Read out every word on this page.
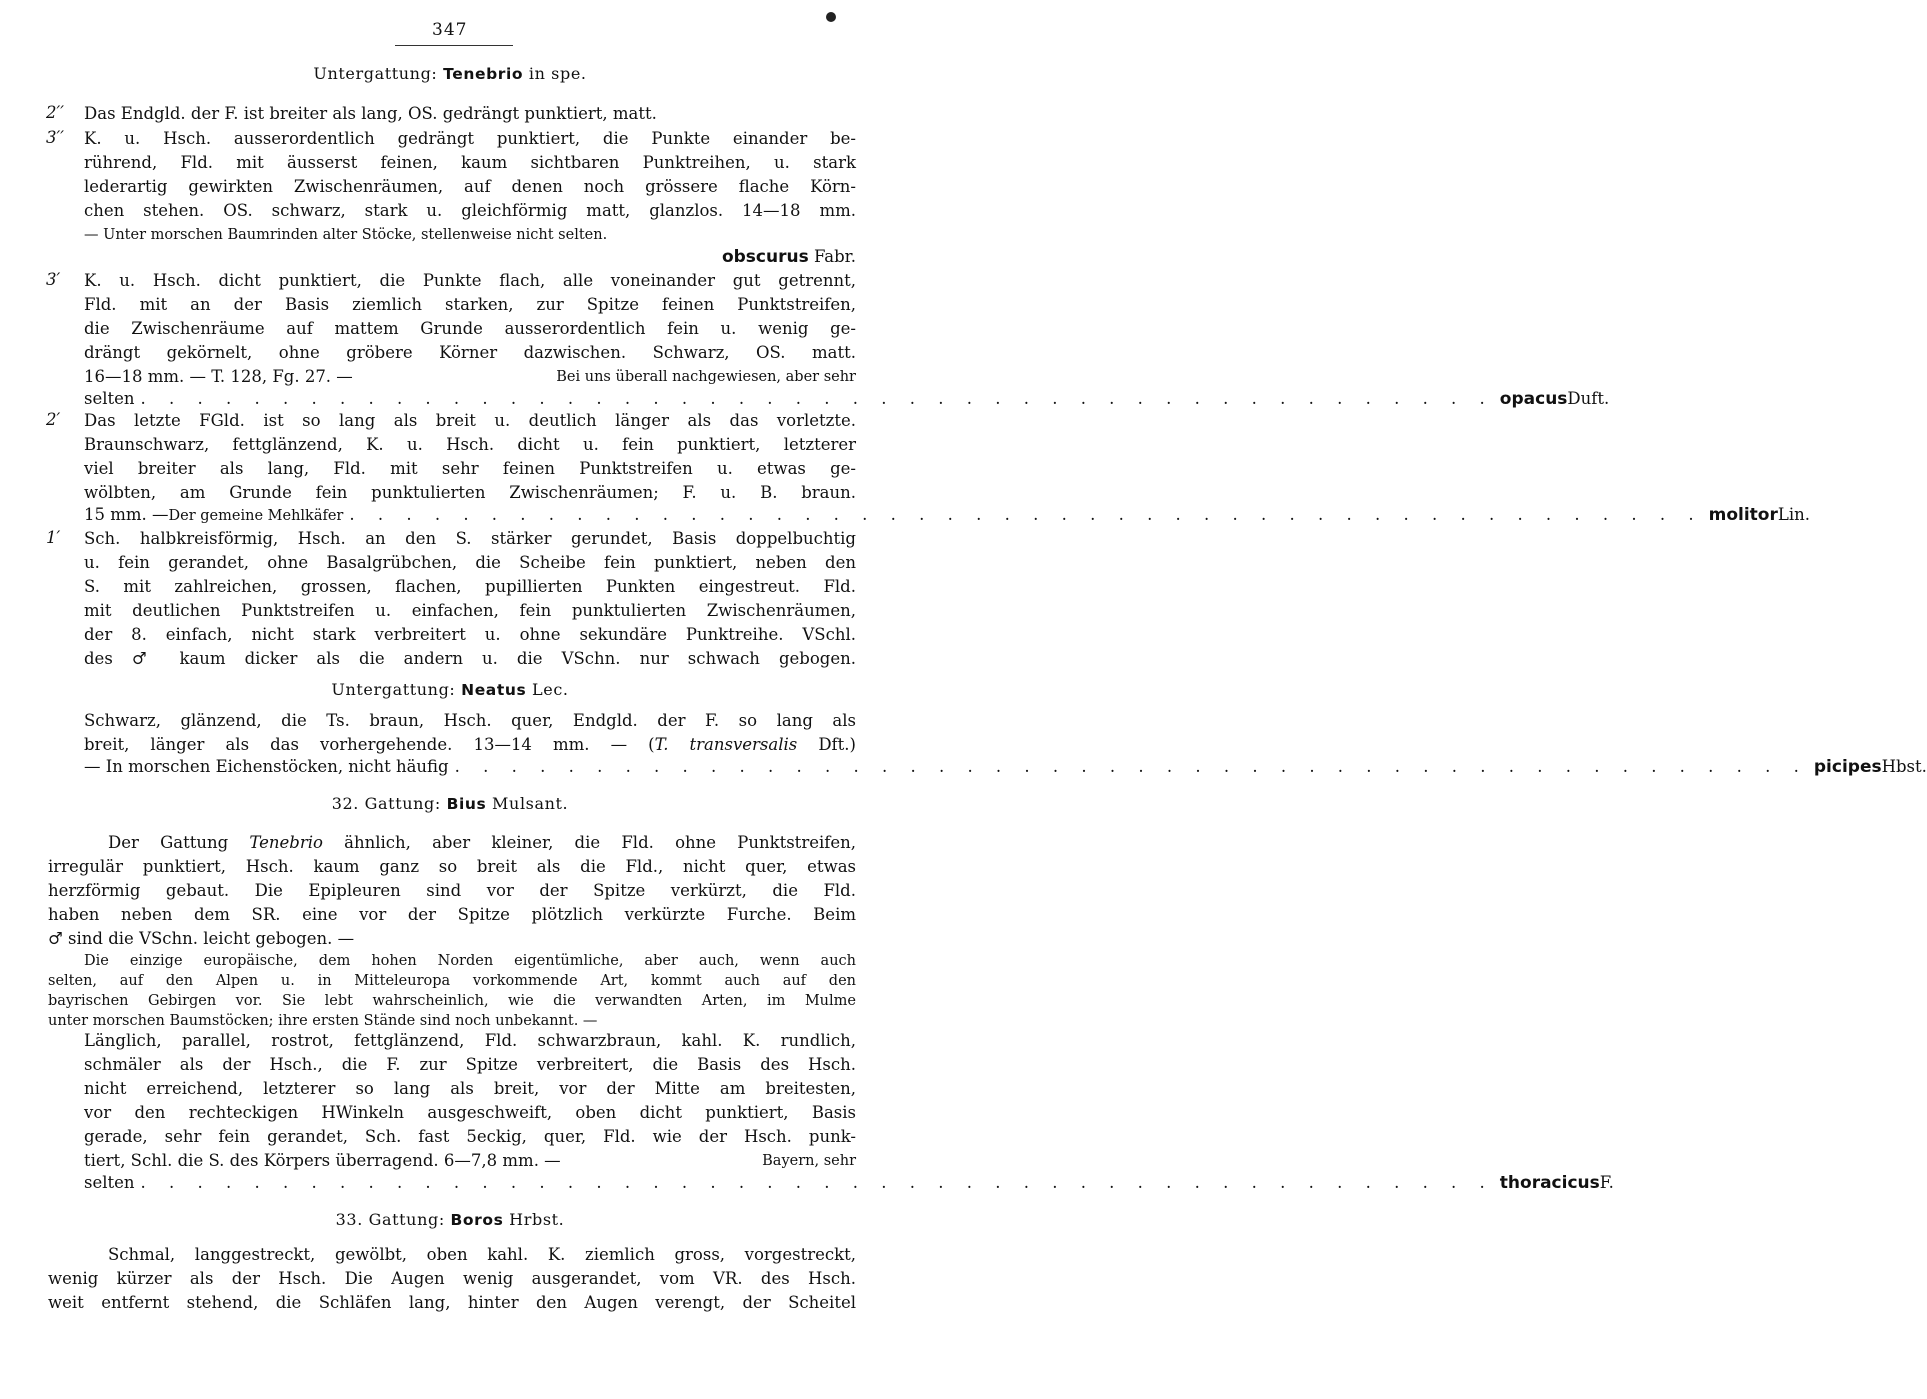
347
Untergattung: Tenebrio in spe.
2′′ Das Endgld. der F. ist breiter als lang, OS. gedrängt punktiert, matt.
3′′ K. u. Hsch. ausserordentlich gedrängt punktiert, die Punkte einander be-
rührend, Fld. mit äusserst feinen, kaum sichtbaren Punktreihen, u. stark
lederartig gewirkten Zwischenräumen, auf denen noch grössere flache Körn-
chen stehen. OS. schwarz, stark u. gleichförmig matt, glanzlos. 14—18 mm.
— Unter morschen Baumrinden alter Stöcke, stellenweise nicht selten.
obscurus Fabr.
3′ K. u. Hsch. dicht punktiert, die Punkte flach, alle voneinander gut getrennt,
Fld. mit an der Basis ziemlich starken, zur Spitze feinen Punktstreifen,
die Zwischenräume auf mattem Grunde ausserordentlich fein u. wenig ge-
drängt gekörnelt, ohne gröbere Körner dazwischen. Schwarz, OS. matt.
16—18 mm. — T. 128, Fg. 27. —	Bei uns überall nachgewiesen, aber sehr
selten . . . . . . . . . . . . . . . . . . . . . . . . . . . . . . . . . . . . . . . . . . . . . . . . opacus Duft.
2′ Das letzte FGld. ist so lang als breit u. deutlich länger als das vorletzte.
Braunschwarz, fettglänzend, K. u. Hsch. dicht u. fein punktiert, letzterer
viel breiter als lang, Fld. mit sehr feinen Punktstreifen u. etwas ge-
wölbten, am Grunde fein punktulierten Zwischenräumen; F. u. B. braun.
15 mm. — Der gemeine Mehlkäfer . . . . . . . . . . . . . . . . . . . . . . . . . . . . . . . . . . . . . . . . . . . . . . . . molitor Lin.
1′ Sch. halbkreisförmig, Hsch. an den S. stärker gerundet, Basis doppelbuchtig
u. fein gerandet, ohne Basalgrübchen, die Scheibe fein punktiert, neben den
S. mit zahlreichen, grossen, flachen, pupillierten Punkten eingestreut. Fld.
mit deutlichen Punktstreifen u. einfachen, fein punktulierten Zwischenräumen,
der 8. einfach, nicht stark verbreitert u. ohne sekundäre Punktreihe. VSchl.
des ♂ kaum dicker als die andern u. die VSchn. nur schwach gebogen.
Untergattung: Neatus Lec.
Schwarz, glänzend, die Ts. braun, Hsch. quer, Endgld. der F. so lang als
breit, länger als das vorhergehende. 13—14 mm. — (T. transversalis Dft.)
— In morschen Eichenstöcken, nicht häufig . . . . . . . . . . . . . . . . . . . . . . . . . . . . . . . . . . . . . . . . . . . . . . . . picipes Hbst.
32. Gattung: Bius Mulsant.
Der Gattung Tenebrio ähnlich, aber kleiner, die Fld. ohne Punktstreifen,
irregulär punktiert, Hsch. kaum ganz so breit als die Fld., nicht quer, etwas
herzförmig gebaut. Die Epipleuren sind vor der Spitze verkürzt, die Fld.
haben neben dem SR. eine vor der Spitze plötzlich verkürzte Furche. Beim
♂ sind die VSchn. leicht gebogen. —
Die einzige europäische, dem hohen Norden eigentümliche, aber auch, wenn auch
selten, auf den Alpen u. in Mitteleuropa vorkommende Art, kommt auch auf den
bayrischen Gebirgen vor. Sie lebt wahrscheinlich, wie die verwandten Arten, im Mulme
unter morschen Baumstöcken; ihre ersten Stände sind noch unbekannt. —
Länglich, parallel, rostrot, fettglänzend, Fld. schwarzbraun, kahl. K. rundlich,
schmäler als der Hsch., die F. zur Spitze verbreitert, die Basis des Hsch.
nicht erreichend, letzterer so lang als breit, vor der Mitte am breitesten,
vor den rechteckigen HWinkeln ausgeschweift, oben dicht punktiert, Basis
gerade, sehr fein gerandet, Sch. fast 5eckig, quer, Fld. wie der Hsch. punk-
tiert, Schl. die S. des Körpers überragend. 6—7,8 mm. —	Bayern, sehr
selten . . . . . . . . . . . . . . . . . . . . . . . . . . . . . . . . . . . . . . . . . . . . . . . . thoracicus F.
33. Gattung: Boros Hrbst.
Schmal, langgestreckt, gewölbt, oben kahl. K. ziemlich gross, vorgestreckt,
wenig kürzer als der Hsch. Die Augen wenig ausgerandet, vom VR. des Hsch.
weit entfernt stehend, die Schläfen lang, hinter den Augen verengt, der Scheitel
